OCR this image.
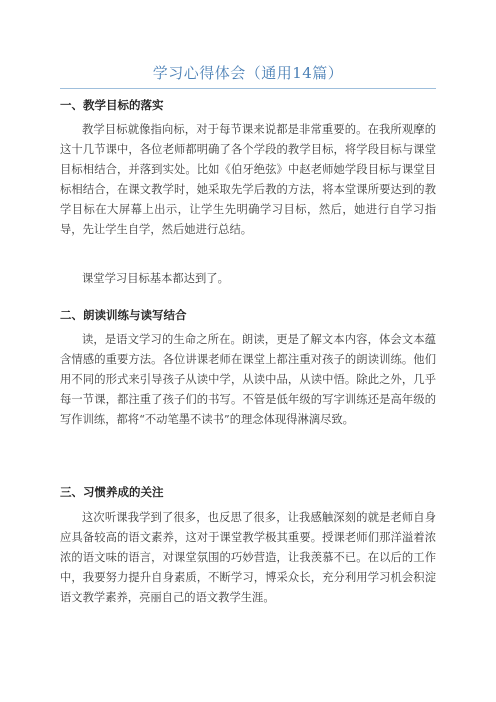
学习心得体会（通用14篇）
一、教学目标的落实
教学目标就像指向标，对于每节课来说都是非常重要的。在我所观摩的这十几节课中，各位老师都明确了各个学段的教学目标，将学段目标与课堂目标相结合，并落到实处。比如《伯牙绝弦》中赵老师她学段目标与课堂目标相结合，在课文教学时，她采取先学后教的方法，将本堂课所要达到的教学目标在大屏幕上出示，让学生先明确学习目标，然后，她进行自学习指导，先让学生自学，然后她进行总结。
课堂学习目标基本都达到了。
二、朗读训练与读写结合
读，是语文学习的生命之所在。朗读，更是了解文本内容，体会文本蕴含情感的重要方法。各位讲课老师在课堂上都注重对孩子的朗读训练。他们用不同的形式来引导孩子从读中学，从读中品，从读中悟。除此之外，几乎每一节课，都注重了孩子们的书写。不管是低年级的写字训练还是高年级的写作训练，都将“不动笔墨不读书”的理念体现得淋漓尽致。
三、习惯养成的关注
这次听课我学到了很多，也反思了很多，让我感触深刻的就是老师自身应具备较高的语文素养，这对于课堂教学极其重要。授课老师们那洋溢着浓浓的语文味的语言，对课堂氛围的巧妙营造，让我羡慕不已。在以后的工作中，我要努力提升自身素质，不断学习，博采众长，充分利用学习机会积淀语文教学素养，亮丽自己的语文教学生涯。
